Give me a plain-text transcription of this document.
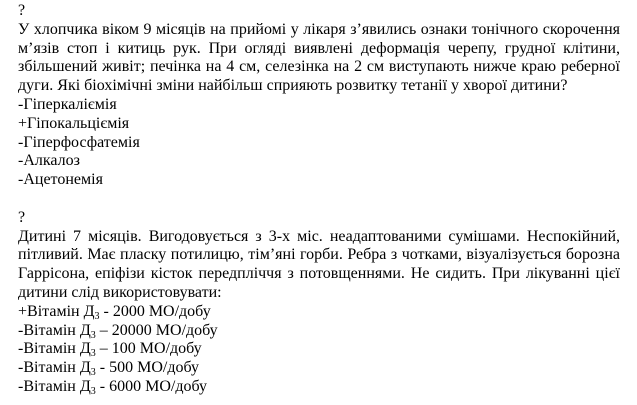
?
У хлопчика віком 9 місяців на прийомі у лікаря з’явились ознаки тонічного скорочення м’язів стоп і китиць рук. При огляді виявлені деформація черепу, грудної клітини, збільшений живіт; печінка на 4 см, селезінка на 2 см виступають нижче краю реберної дуги. Які біохімічні зміни найбільш сприяють розвитку тетанії у хворої дитини?
-Гіперкаліємія
+Гіпокальціємія
-Гіперфосфатемія
-Алкалоз
-Ацетонемія
?
Дитині 7 місяців. Вигодовується з 3-х міс. неадаптованими сумішами. Неспокійний, пітливий. Має пласку потилицю, тім’яні горби. Ребра з чотками, візуалізується борозна Гаррісона, епіфізи кісток передпліччя з потовщеннями. Не сидить. При лікуванні цієї дитини слід використовувати:
+Вітамін $Д_3 - 2000$ МО/добу
-Вітамін $Д_3 - 20000$ МО/добу
-Вітамін $Д_3 - 100$ МО/добу
-Вітамін $Д_3 - 500$ МО/добу
-Вітамін $Д_3 - 6000$ МО/добу
